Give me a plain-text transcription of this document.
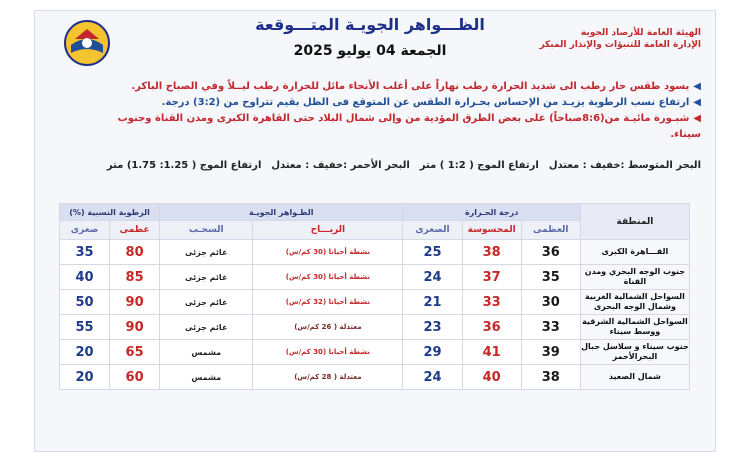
الظـــواهر الجويـة المتـــوقعة
الجمعة 04 يوليو 2025
الهيئة العامة للأرصاد الجوية
الإدارة العامة للتنبؤات والإنذار المبكر
◀يسود طقس حار رطب الى شديد الحرارة رطب نهاراً على أغلب الأنحاء مائل للحرارة رطب ليــلاً وفي الصباح الباكر.
◀ارتفاع نسب الرطوبة يزيـد من الإحساس بحـرارة الطقس عن المتوقع فى الظل بقيم تتراوح من (3:2) درجة.
◀شبـورة مائيـة من(8:6صباحاً) على بعض الطرق المؤدية من وإلى شمال البلاد حتى القاهرة الكبرى ومدن القناة وجنوب سيناء.
البحر المتوسط :خفيف : معتدل
ارتفاع الموج ( 1:2 ) متر
البحر الأحمر :خفيف : معتدل
ارتفاع الموج ( 1.25: 1.75) متر
المنطقة	درجة الحـرارة			الظـواهر الجويـة		الرطوبة النسبية (%)	
	العظمى	المحسوسة	الصغرى	الريـــاح	السحـب	عظمى	صغرى
القـــاهرة الكبرى	36	38	25	نشطة أحيانا (30 كم/س)	غائم جزئى	80	35
جنوب الوجه البحري ومدن القناة	35	37	24	نشطة أحيانا (30 كم/س)	غائم جزئى	85	40
السواحل الشمالية الغربية وشمال الوجه البحرى	30	33	21	نشطة أحيانا (32 كم/س)	غائم جزئى	90	50
السواحل الشمالية الشرقية ووسط سيناء	33	36	23	معتدلة ( 26 كم/س)	غائم جزئى	90	55
جنوب سيناء و سلاسل جبال البحرالأحمر	39	41	29	نشطة أحيانا (30 كم/س)	مشمس	65	20
شمال الصعيد	38	40	24	معتدلة ( 28 كم/س)	مشمس	60	20
